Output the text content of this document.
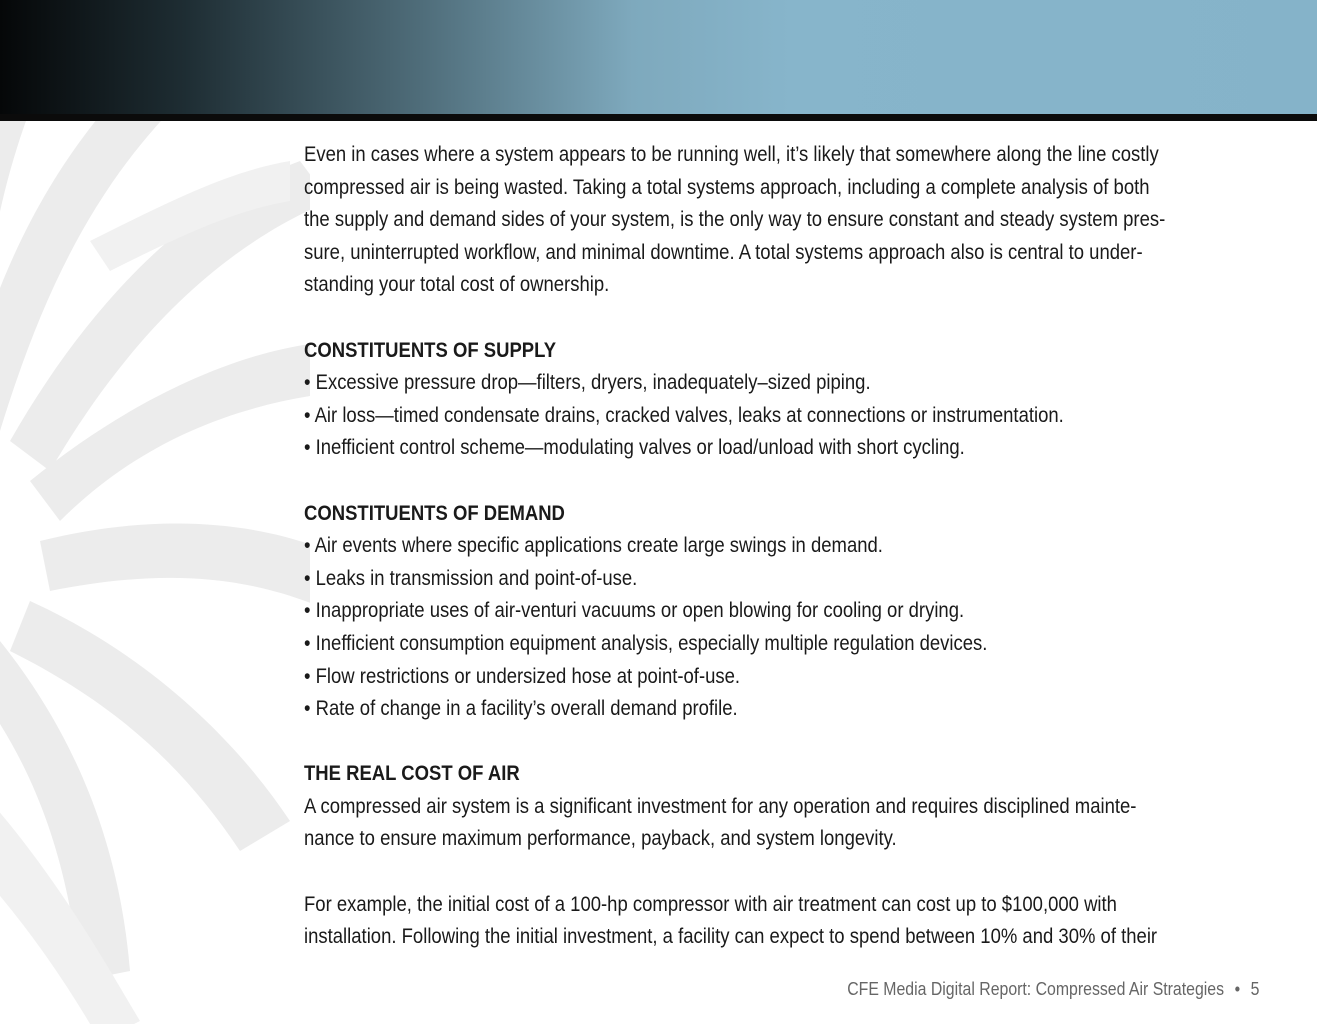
Even in cases where a system appears to be running well, it’s likely that somewhere along the line costly

compressed air is being wasted. Taking a total systems approach, including a complete analysis of both

the supply and demand sides of your system, is the only way to ensure constant and steady system pres-

sure, uninterrupted workflow, and minimal downtime. A total systems approach also is central to under-

standing your total cost of ownership.

CONSTITUENTS OF SUPPLY

• Excessive pressure drop—filters, dryers, inadequately–sized piping.

• Air loss—timed condensate drains, cracked valves, leaks at connections or instrumentation.

• Inefficient control scheme—modulating valves or load/unload with short cycling.

CONSTITUENTS OF DEMAND

• Air events where specific applications create large swings in demand.

• Leaks in transmission and point-of-use.

• Inappropriate uses of air-venturi vacuums or open blowing for cooling or drying.

• Inefficient consumption equipment analysis, especially multiple regulation devices.

• Flow restrictions or undersized hose at point-of-use.

• Rate of change in a facility’s overall demand profile.

THE REAL COST OF AIR

A compressed air system is a significant investment for any operation and requires disciplined mainte-

nance to ensure maximum performance, payback, and system longevity.

For example, the initial cost of a 100-hp compressor with air treatment can cost up to $100,000 with

installation. Following the initial investment, a facility can expect to spend between 10% and 30% of their

CFE Media Digital Report: Compressed Air Strategies • 5
